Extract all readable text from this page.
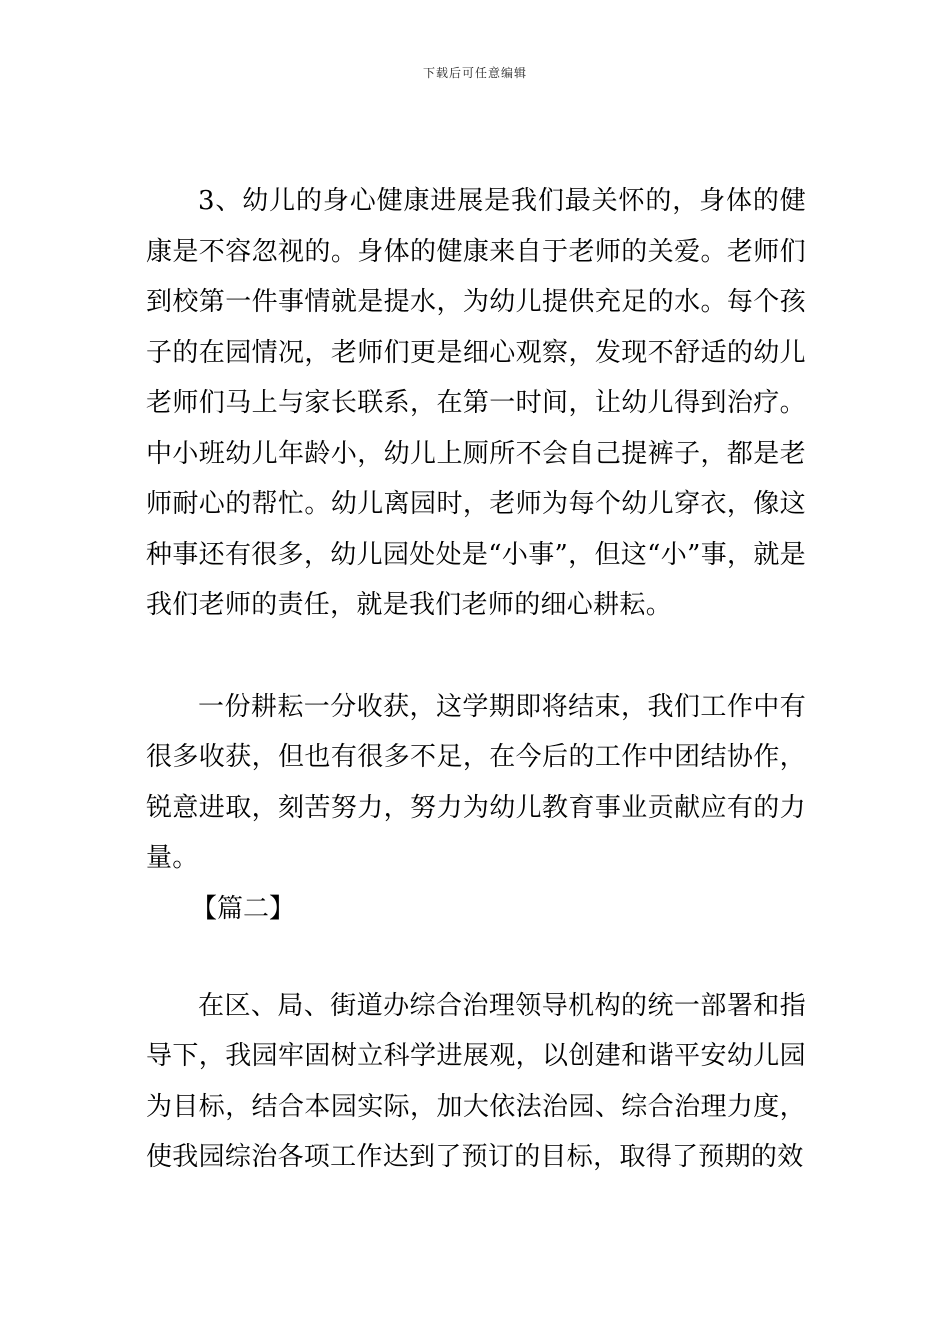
下载后可任意编辑

3、幼儿的身心健康进展是我们最关怀的，身体的健康是不容忽视的。身体的健康来自于老师的关爱。老师们到校第一件事情就是提水，为幼儿提供充足的水。每个孩子的在园情况，老师们更是细心观察，发现不舒适的幼儿老师们马上与家长联系，在第一时间，让幼儿得到治疗。中小班幼儿年龄小，幼儿上厕所不会自己提裤子，都是老师耐心的帮忙。幼儿离园时，老师为每个幼儿穿衣，像这种事还有很多，幼儿园处处是“小事”，但这“小”事，就是我们老师的责任，就是我们老师的细心耕耘。

一份耕耘一分收获，这学期即将结束，我们工作中有很多收获，但也有很多不足，在今后的工作中团结协作，锐意进取，刻苦努力，努力为幼儿教育事业贡献应有的力量。

【篇二】

在区、局、街道办综合治理领导机构的统一部署和指导下，我园牢固树立科学进展观，以创建和谐平安幼儿园为目标，结合本园实际，加大依法治园、综合治理力度，使我园综治各项工作达到了预订的目标，取得了预期的效
